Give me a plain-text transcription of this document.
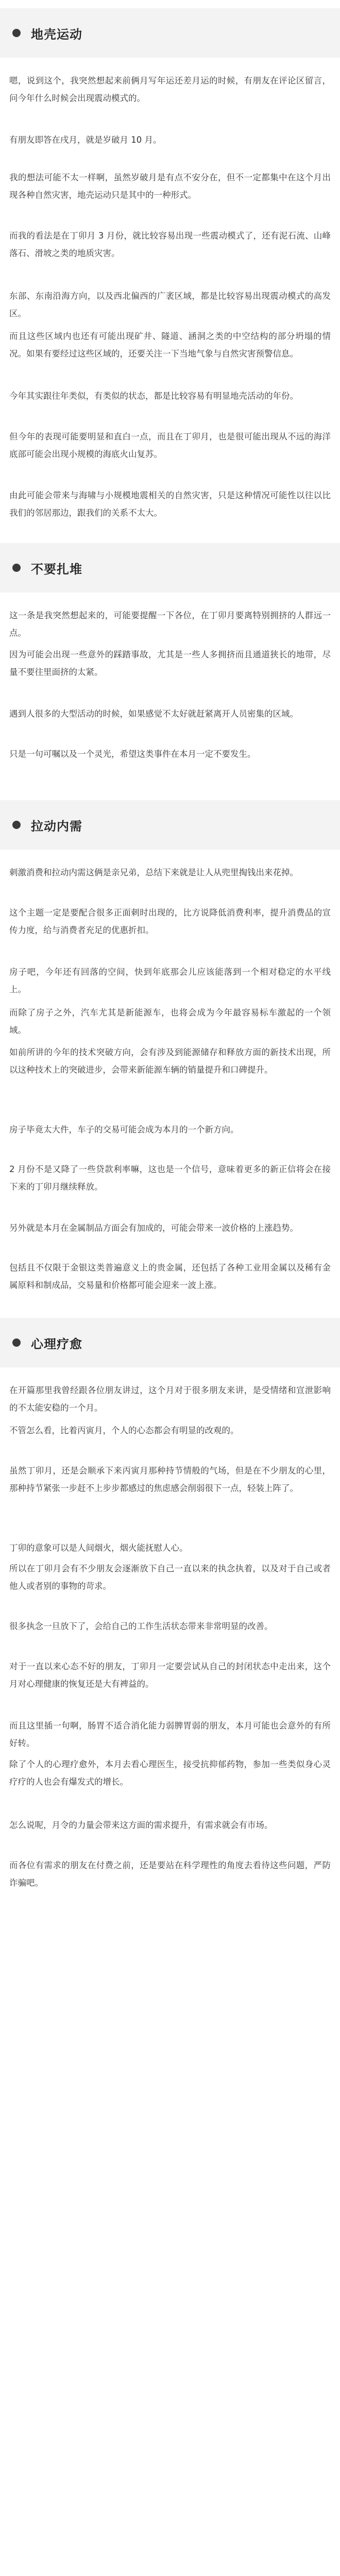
地壳运动

嗯，说到这个，我突然想起来前俩月写年运还差月运的时候，有朋友在评论区留言，问今年什么时候会出现震动模式的。

有朋友即答在戌月，就是岁破月 10 月。

我的想法可能不太一样啊，虽然岁破月是有点不安分在，但不一定都集中在这个月出现各种自然灾害，地壳运动只是其中的一种形式。

而我的看法是在丁卯月 3 月份，就比较容易出现一些震动模式了，还有泥石流、山峰落石、滑坡之类的地质灾害。

东部、东南沿海方向，以及西北偏西的广袤区域，都是比较容易出现震动模式的高发区。

而且这些区域内也还有可能出现矿井、隧道、涵洞之类的中空结构的部分坍塌的情况。如果有要经过这些区域的，还要关注一下当地气象与自然灾害预警信息。

今年其实跟往年类似，有类似的状态，都是比较容易有明显地壳活动的年份。

但今年的表现可能要明显和直白一点，而且在丁卯月，也是很可能出现从不远的海洋底部可能会出现小规模的海底火山复苏。

由此可能会带来与海啸与小规模地震相关的自然灾害，只是这种情况可能性以往以比我们的邻居那边，跟我们的关系不太大。

不要扎堆

这一条是我突然想起来的，可能要提醒一下各位，在丁卯月要离特别拥挤的人群远一点。

因为可能会出现一些意外的踩踏事故，尤其是一些人多拥挤而且通道狭长的地带，尽量不要往里面挤的太紧。

遇到人很多的大型活动的时候，如果感觉不太好就赶紧离开人员密集的区域。

只是一句可嘱以及一个灵光，希望这类事件在本月一定不要发生。

拉动内需

刺激消费和拉动内需这俩是亲兄弟，总结下来就是让人从兜里掏钱出来花掉。

这个主题一定是要配合很多正面刺时出现的，比方说降低消费利率，提升消费品的宣传力度，给与消费者充足的优惠折扣。

房子吧，今年还有回落的空间，快到年底那会儿应该能落到一个相对稳定的水平线上。

而除了房子之外，汽车尤其是新能源车，也将会成为今年最容易标车激起的一个领域。

如前所讲的今年的技术突破方向，会有涉及到能源储存和释放方面的新技术出现，所以这种技术上的突破进步，会带来新能源车辆的销量提升和口碑提升。

房子毕竟太大件，车子的交易可能会成为本月的一个新方向。

2 月份不是又降了一些贷款利率嘛，这也是一个信号，意味着更多的新正信将会在接下来的丁卯月继续释放。

另外就是本月在金属制品方面会有加成的，可能会带来一波价格的上涨趋势。

包括且不仅限于金银这类普遍意义上的贵金属，还包括了各种工业用金属以及稀有金属原料和制成品，交易量和价格都可能会迎来一波上涨。

心理疗愈

在开篇那里我曾经跟各位朋友讲过，这个月对于很多朋友来讲，是受情绪和宣泄影响的不太能安稳的一个月。

不管怎么看，比着丙寅月，个人的心态都会有明显的改观的。

虽然丁卯月，还是会顺承下来丙寅月那种持节情般的气场，但是在不少朋友的心里，那种持节紧张一步赶不上步步都感过的焦虑感会削弱很下一点，轻装上阵了。

丁卯的意象可以是人间烟火，烟火能抚慰人心。

所以在丁卯月会有不少朋友会逐渐放下自己一直以来的执念执着，以及对于自己或者他人或者别的事物的苛求。

很多执念一旦放下了，会给自己的工作生活状态带来非常明显的改善。

对于一直以来心态不好的朋友，丁卯月一定要尝试从自己的封闭状态中走出来，这个月对心理健康的恢复还是大有裨益的。

而且这里插一句啊，肠胃不适合消化能力弱脾胃弱的朋友，本月可能也会意外的有所好转。

除了个人的心理疗愈外，本月去看心理医生，接受抗抑郁药物，参加一些类似身心灵疗疗的人也会有爆发式的增长。

怎么说呢，月令的力量会带来这方面的需求提升，有需求就会有市场。

而各位有需求的朋友在付费之前，还是要站在科学理性的角度去看待这些问题，严防诈骗吧。
